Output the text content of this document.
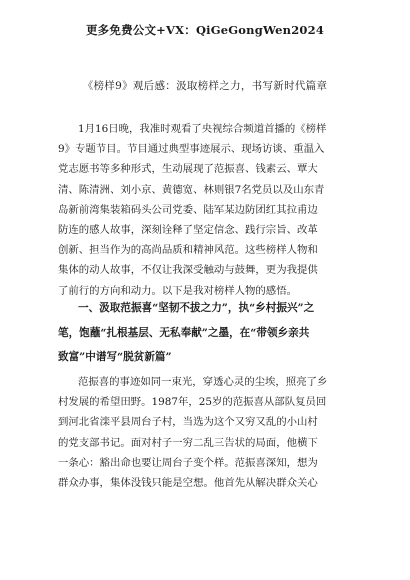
更多免费公文+VX：QiGeGongWen2024
《榜样9》观后感：汲取榜样之力，书写新时代篇章
1月16日晚，我准时观看了央视综合频道首播的《榜样
9》专题节目。节目通过典型事迹展示、现场访谈、重温入
党志愿书等多种形式，生动展现了范振喜、钱素云、覃大
清、陈清洲、刘小京、黄德宽、林则银7名党员以及山东青
岛新前湾集装箱码头公司党委、陆军某边防团红其拉甫边
防连的感人故事，深刻诠释了坚定信念、践行宗旨、改革
创新、担当作为的高尚品质和精神风范。这些榜样人物和
集体的动人故事，不仅让我深受触动与鼓舞，更为我提供
了前行的方向和动力。以下是我对榜样人物的感悟。
一、汲取范振喜“坚韧不拔之力”，执“乡村振兴”之
笔，饱蘸“扎根基层、无私奉献”之墨，在“带领乡亲共
致富”中谱写“脱贫新篇”
范振喜的事迹如同一束光，穿透心灵的尘埃，照亮了乡
村发展的希望田野。1987年，25岁的范振喜从部队复员回
到河北省滦平县周台子村，当选为这个又穷又乱的小山村
的党支部书记。面对村子一穷二乱三告状的局面，他横下
一条心：豁出命也要让周台子变个样。范振喜深知，想为
群众办事，集体没钱只能是空想。他首先从解决群众关心
